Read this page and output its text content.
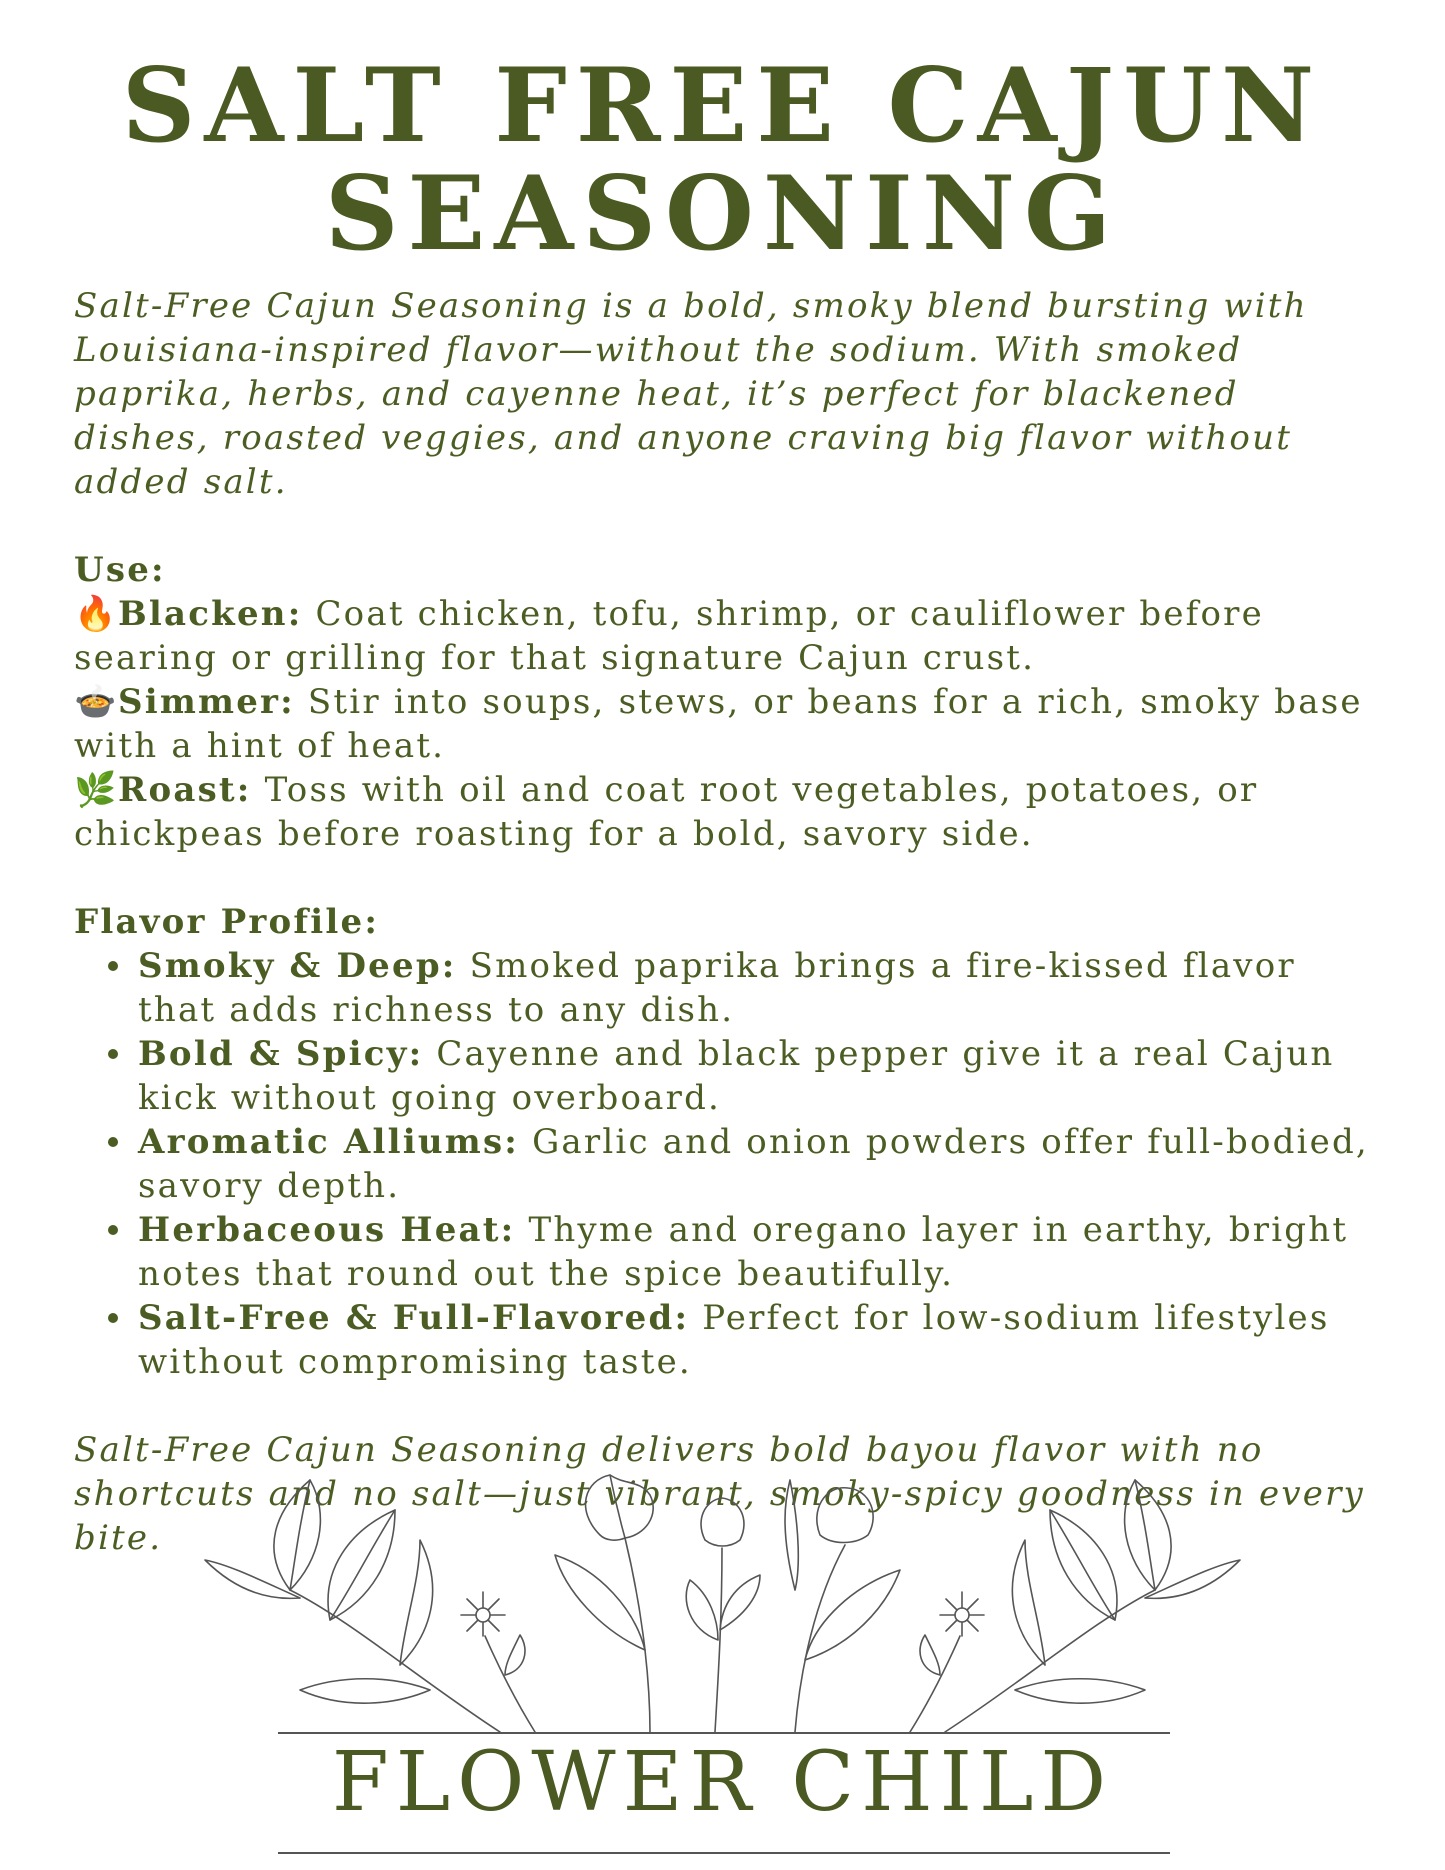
SALT FREE CAJUN
SEASONING

Salt-Free Cajun Seasoning is a bold, smoky blend bursting with Louisiana-inspired flavor—without the sodium. With smoked paprika, herbs, and cayenne heat, it’s perfect for blackened dishes, roasted veggies, and anyone craving big flavor without added salt.

Use:

🔥Blacken: Coat chicken, tofu, shrimp, or cauliflower before searing or grilling for that signature Cajun crust.

🍲Simmer: Stir into soups, stews, or beans for a rich, smoky base with a hint of heat.

🌿Roast: Toss with oil and coat root vegetables, potatoes, or chickpeas before roasting for a bold, savory side.

Flavor Profile:

Smoky & Deep: Smoked paprika brings a fire-kissed flavor that adds richness to any dish.
Bold & Spicy: Cayenne and black pepper give it a real Cajun kick without going overboard.
Aromatic Alliums: Garlic and onion powders offer full-bodied, savory depth.
Herbaceous Heat: Thyme and oregano layer in earthy, bright notes that round out the spice beautifully.
Salt-Free & Full-Flavored: Perfect for low-sodium lifestyles without compromising taste.

Salt-Free Cajun Seasoning delivers bold bayou flavor with no shortcuts and no salt—just vibrant, smoky-spicy goodness in every bite.

FLOWER CHILD
